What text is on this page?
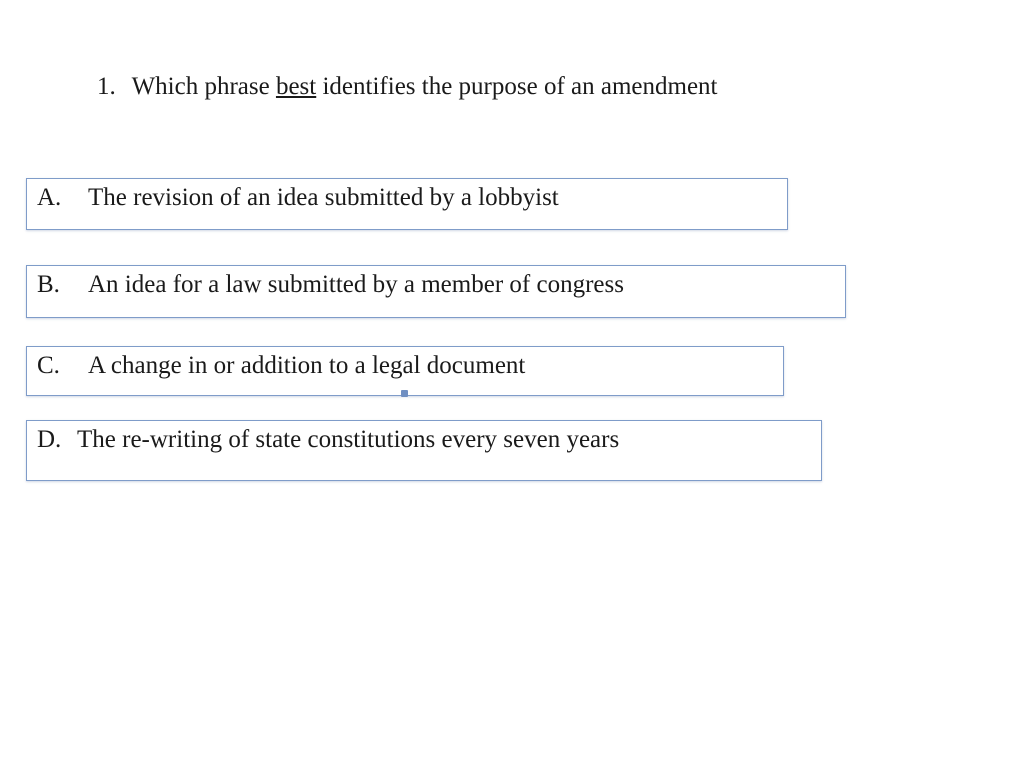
1. Which phrase best identifies the purpose of an amendment
A. The revision of an idea submitted by a lobbyist
B. An idea for a law submitted by a member of congress
C. A change in or addition to a legal document
D. The re-writing of state constitutions every seven years
